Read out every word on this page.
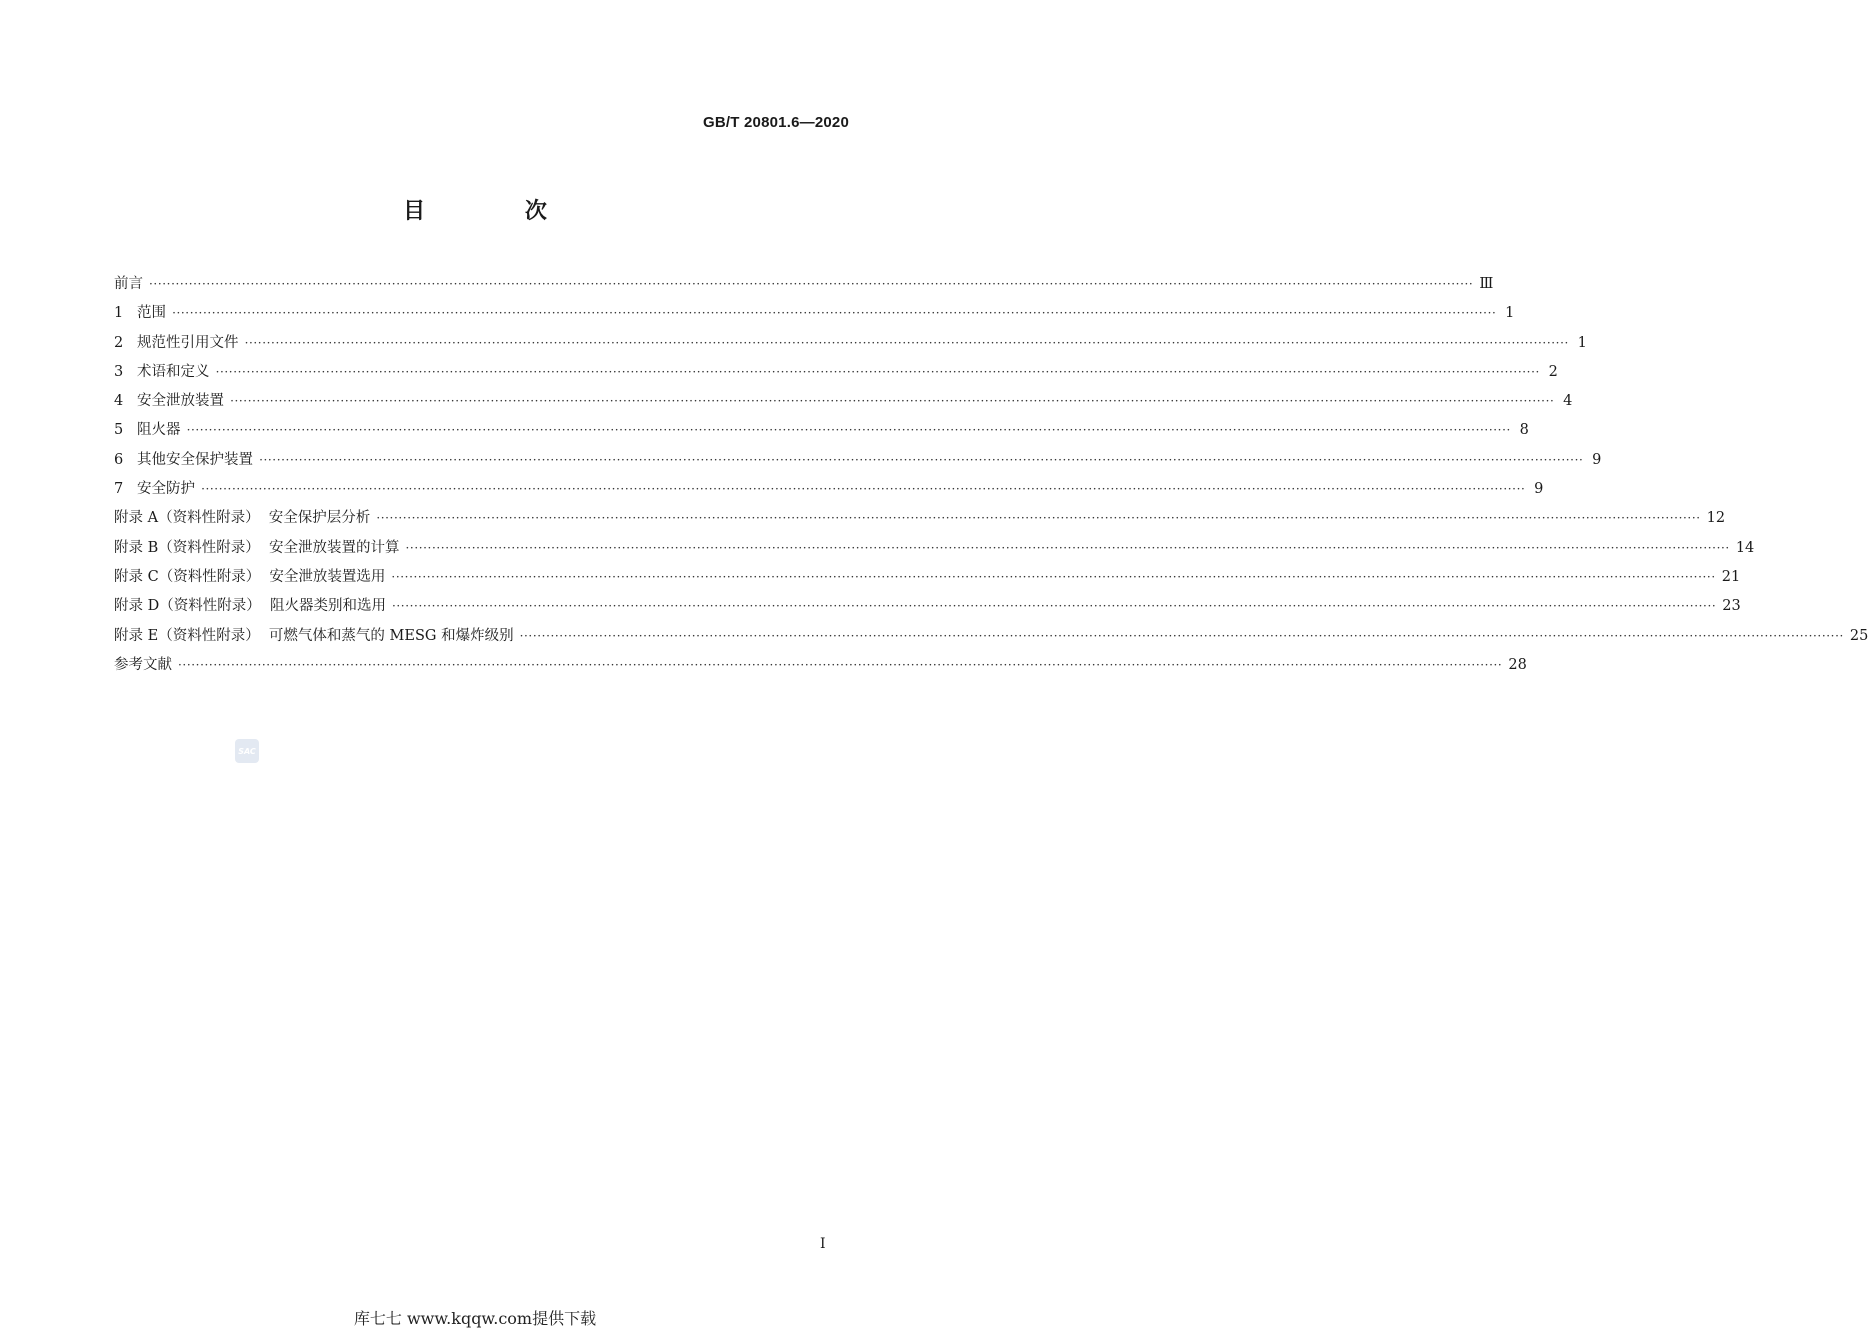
GB/T 20801.6—2020
目 次
前言 ············································································································································································································································································································ Ⅲ
1   范围 ············································································································································································································································································································ 1
2   规范性引用文件 ············································································································································································································································································································ 1
3   术语和定义 ············································································································································································································································································································ 2
4   安全泄放装置 ············································································································································································································································································································ 4
5   阻火器 ············································································································································································································································································································ 8
6   其他安全保护装置 ············································································································································································································································································································ 9
7   安全防护 ············································································································································································································································································································ 9
附录 A（资料性附录）  安全保护层分析 ············································································································································································································································································································ 12
附录 B（资料性附录）  安全泄放装置的计算 ············································································································································································································································································································ 14
附录 C（资料性附录）  安全泄放装置选用 ············································································································································································································································································································ 21
附录 D（资料性附录）  阻火器类别和选用 ············································································································································································································································································································ 23
附录 E（资料性附录）  可燃气体和蒸气的 MESG 和爆炸级别 ············································································································································································································································································································ 25
参考文献 ············································································································································································································································································································ 28
SAC
I
库七七 www.kqqw.com提供下载
